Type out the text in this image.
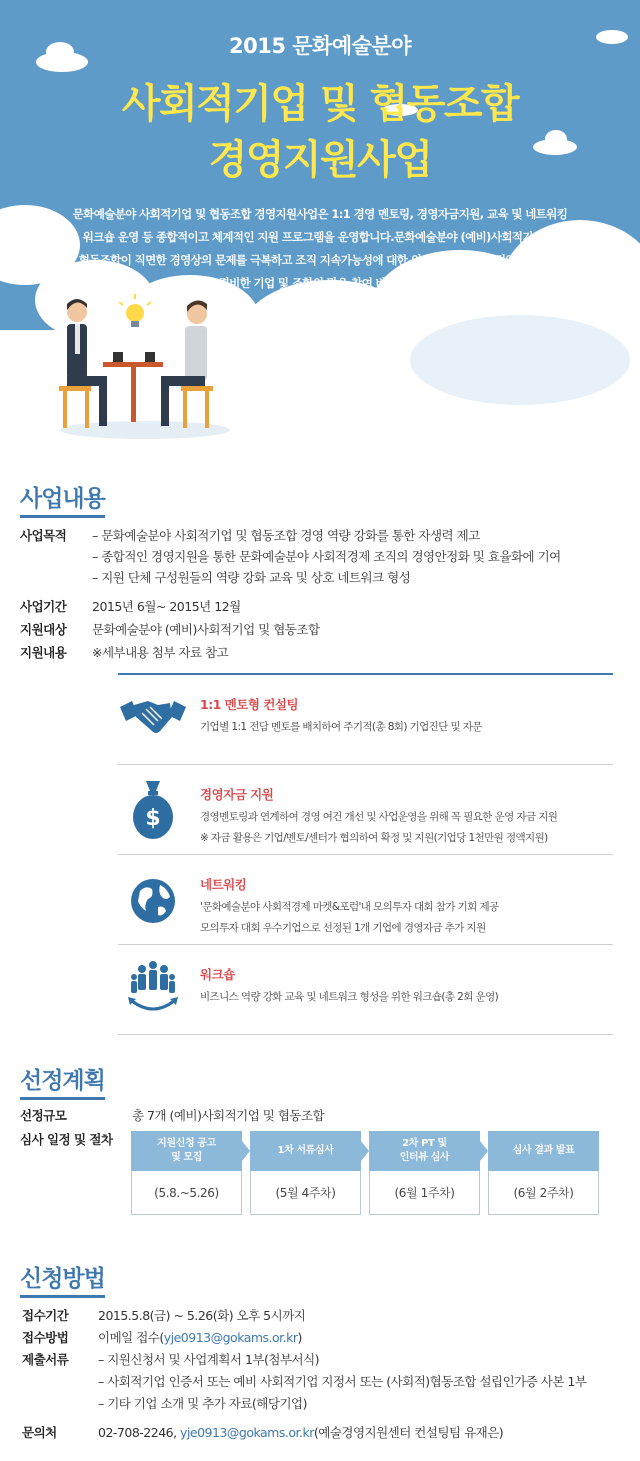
2015 문화예술분야
사회적기업 및 협동조합
경영지원사업
문화예술분야 사회적기업 및 협동조합 경영지원사업은 1:1 경영 멘토링, 경영자금지원, 교육 및 네트워킹
워크숍 운영 등 종합적이고 체계적인 지원 프로그램을 운영합니다.문화예술분야 (예비)사회적기업 및
협동조합이 직면한 경영상의 문제를 극복하고 조직 지속가능성에 대한 의지와 열정, 적극적인 실행력을
겸비한 기업 및 조합의 많은 참여 바랍니다.
사업내용
사업목적 – 문화예술분야 사회적기업 및 협동조합 경영 역량 강화를 통한 자생력 제고
– 종합적인 경영지원을 통한 문화예술분야 사회적경제 조직의 경영안정화 및 효율화에 기여
– 지원 단체 구성원들의 역량 강화 교육 및 상호 네트워크 형성
사업기간 2015년 6월~ 2015년 12월
지원대상 문화예술분야 (예비)사회적기업 및 협동조합
지원내용 ※세부내용 첨부 자료 참고
1:1 멘토형 컨설팅
기업별 1:1 전담 멘토를 배치하여 주기적(총 8회) 기업진단 및 자문
$
경영자금 지원
경영멘토링과 연계하여 경영 여건 개선 및 사업운영을 위해 꼭 필요한 운영 자금 지원
※ 자금 활용은 기업/멘토/센터가 협의하여 확정 및 지원(기업당 1천만원 정액지원)
네트워킹
'문화예술분야 사회적경제 마켓&포럼'내 모의투자 대회 참가 기회 제공
모의투자 대회 우수기업으로 선정된 1개 기업에 경영자금 추가 지원
워크숍
비즈니스 역량 강화 교육 및 네트워크 형성을 위한 워크숍(총 2회 운영)
선정계획
선정규모	총 7개 (예비)사회적기업 및 협동조합
심사 일정 및 절차	지원신청 공고
및 모집
(5.8.~5.26)
1차 서류심사
(5월 4주차)
2차 PT 및
인터뷰 심사
(6월 1주차)
심사 결과 발표
(6월 2주차)
신청방법
접수기간 2015.5.8(금) ~ 5.26(화) 오후 5시까지
접수방법 이메일 접수(yje0913@gokams.or.kr)
제출서류 – 지원신청서 및 사업계획서 1부(첨부서식)
– 사회적기업 인증서 또는 예비 사회적기업 지정서 또는 (사회적)협동조합 설립인가증 사본 1부
– 기타 기업 소개 및 추가 자료(해당기업)
문의처	02-708-2246, yje0913@gokams.or.kr(예술경영지원센터 컨설팅팀 유재은)
